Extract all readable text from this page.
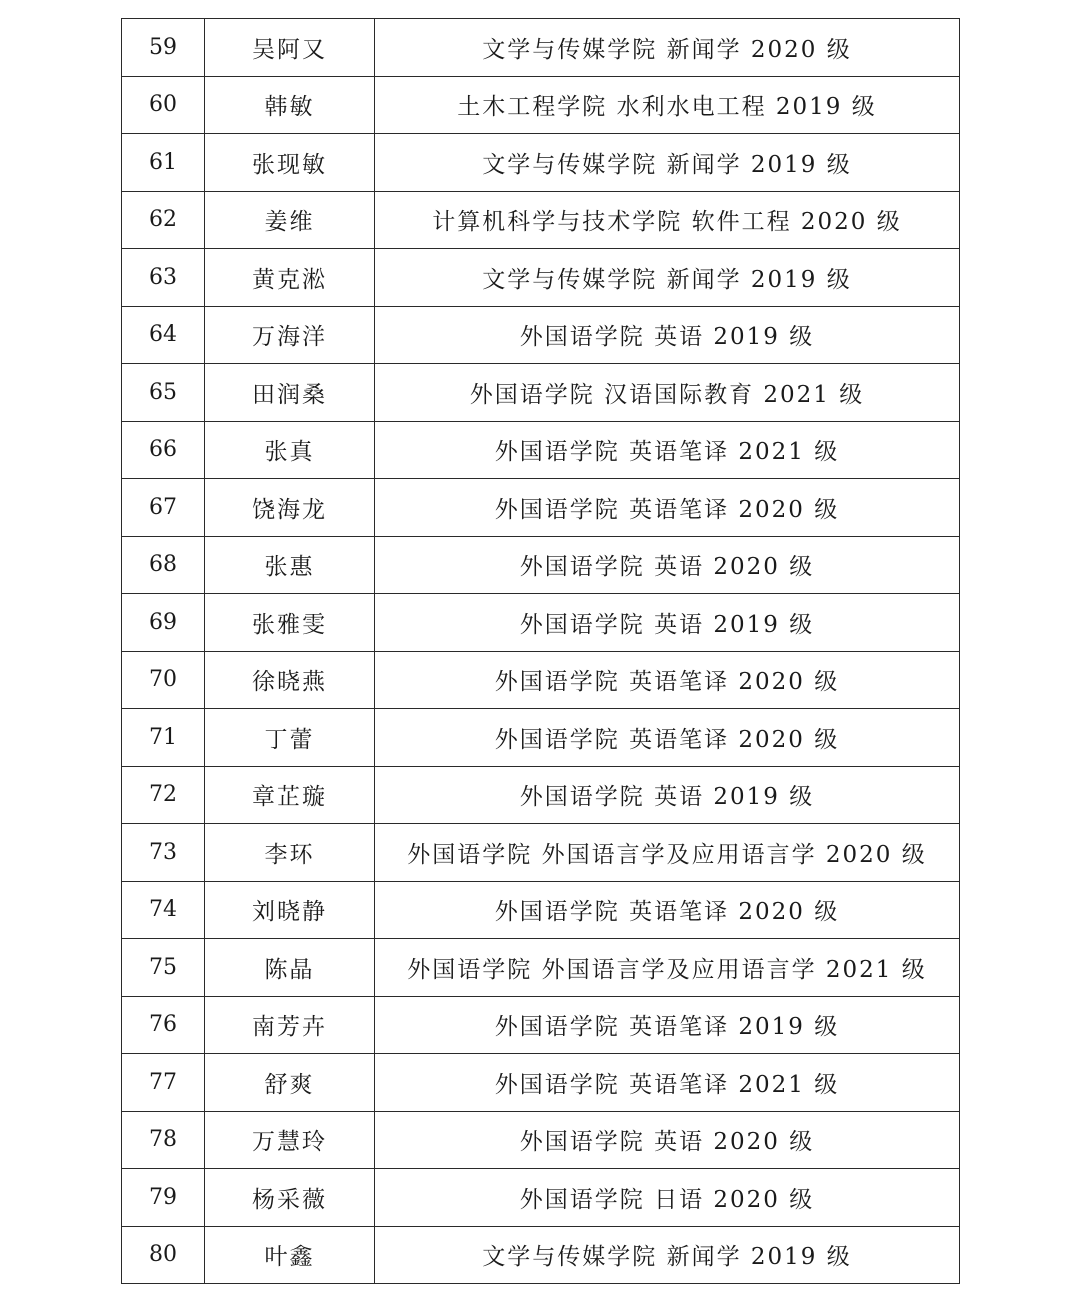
59	吴阿又	文学与传媒学院 新闻学 2020 级
60	韩敏	土木工程学院 水利水电工程 2019 级
61	张现敏	文学与传媒学院 新闻学 2019 级
62	姜维	计算机科学与技术学院 软件工程 2020 级
63	黄克淞	文学与传媒学院 新闻学 2019 级
64	万海洋	外国语学院 英语 2019 级
65	田润桑	外国语学院 汉语国际教育 2021 级
66	张真	外国语学院 英语笔译 2021 级
67	饶海龙	外国语学院 英语笔译 2020 级
68	张惠	外国语学院 英语 2020 级
69	张雅雯	外国语学院 英语 2019 级
70	徐晓燕	外国语学院 英语笔译 2020 级
71	丁蕾	外国语学院 英语笔译 2020 级
72	章芷璇	外国语学院 英语 2019 级
73	李环	外国语学院 外国语言学及应用语言学 2020 级
74	刘晓静	外国语学院 英语笔译 2020 级
75	陈晶	外国语学院 外国语言学及应用语言学 2021 级
76	南芳卉	外国语学院 英语笔译 2019 级
77	舒爽	外国语学院 英语笔译 2021 级
78	万慧玲	外国语学院 英语 2020 级
79	杨采薇	外国语学院 日语 2020 级
80	叶鑫	文学与传媒学院 新闻学 2019 级
